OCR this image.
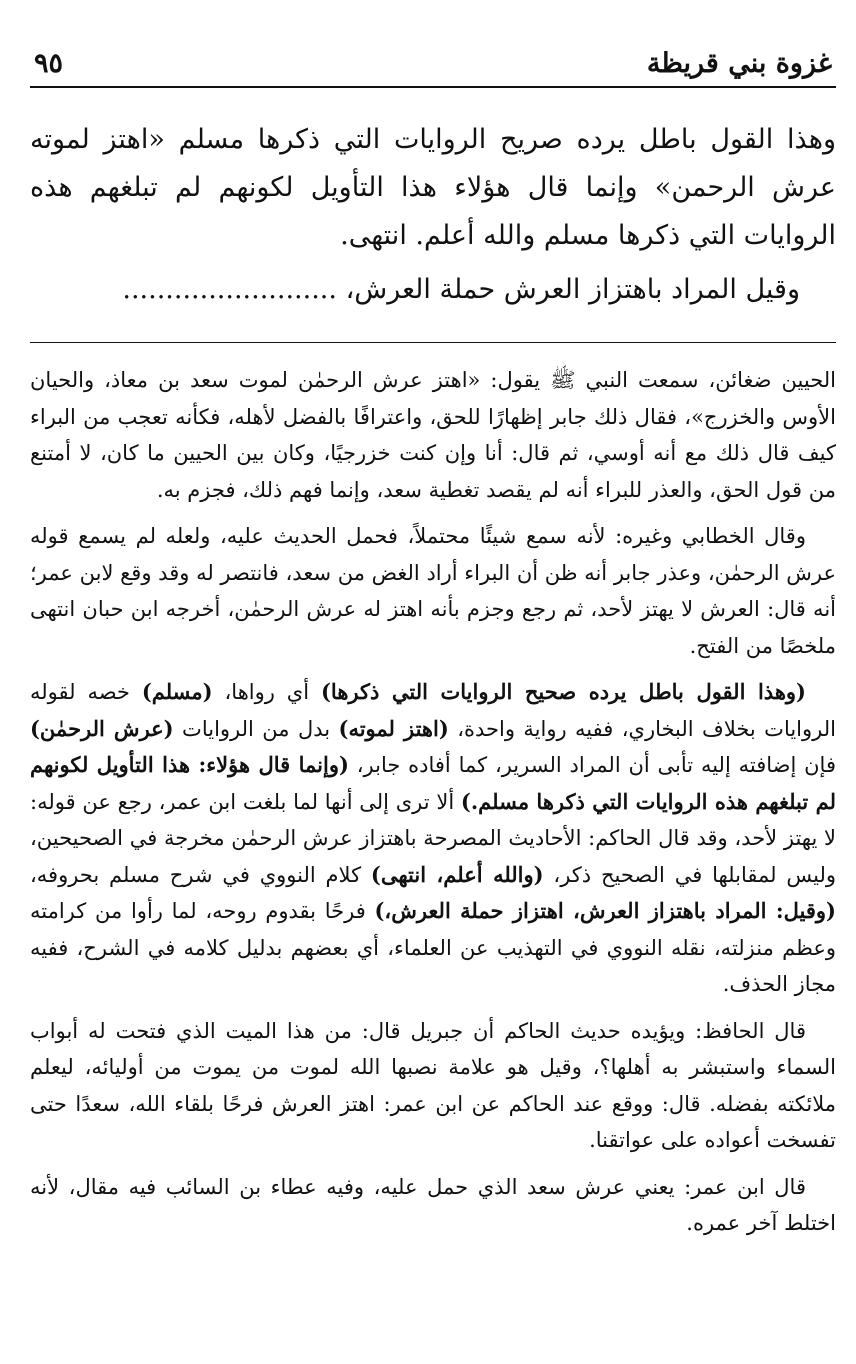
غزوة بني قريظة
٩٥

وهذا القول باطل يرده صريح الروايات التي ذكرها مسلم «اهتز لموته عرش الرحمن» وإنما قال هؤلاء هذا التأويل لكونهم لم تبلغهم هذه الروايات التي ذكرها مسلم والله أعلم. انتهى.

وقيل المراد باهتزاز العرش حملة العرش، .........................

الحيين ضغائن، سمعت النبي ﷺ يقول: «اهتز عرش الرحمٰن لموت سعد بن معاذ، والحيان الأوس والخزرج»، فقال ذلك جابر إظهارًا للحق، واعترافًا بالفضل لأهله، فكأنه تعجب من البراء كيف قال ذلك مع أنه أوسي، ثم قال: أنا وإن كنت خزرجيًا، وكان بين الحيين ما كان، لا أمتنع من قول الحق، والعذر للبراء أنه لم يقصد تغطية سعد، وإنما فهم ذلك، فجزم به.

وقال الخطابي وغيره: لأنه سمع شيئًا محتملاً، فحمل الحديث عليه، ولعله لم يسمع قوله عرش الرحمٰن، وعذر جابر أنه ظن أن البراء أراد الغض من سعد، فانتصر له وقد وقع لابن عمر؛ أنه قال: العرش لا يهتز لأحد، ثم رجع وجزم بأنه اهتز له عرش الرحمٰن، أخرجه ابن حبان انتهى ملخصًا من الفتح.

(وهذا القول باطل يرده صحيح الروايات التي ذكرها) أي رواها، (مسلم) خصه لقوله الروايات بخلاف البخاري، ففيه رواية واحدة، (اهتز لموته) بدل من الروايات (عرش الرحمٰن) فإن إضافته إليه تأبى أن المراد السرير، كما أفاده جابر، (وإنما قال هؤلاء: هذا التأويل لكونهم لم تبلغهم هذه الروايات التي ذكرها مسلم.) ألا ترى إلى أنها لما بلغت ابن عمر، رجع عن قوله: لا يهتز لأحد، وقد قال الحاكم: الأحاديث المصرحة باهتزاز عرش الرحمٰن مخرجة في الصحيحين، وليس لمقابلها في الصحيح ذكر، (والله أعلم، انتهى) كلام النووي في شرح مسلم بحروفه، (وقيل: المراد باهتزاز العرش، اهتزاز حملة العرش،) فرحًا بقدوم روحه، لما رأوا من كرامته وعظم منزلته، نقله النووي في التهذيب عن العلماء، أي بعضهم بدليل كلامه في الشرح، ففيه مجاز الحذف.

قال الحافظ: ويؤيده حديث الحاكم أن جبريل قال: من هذا الميت الذي فتحت له أبواب السماء واستبشر به أهلها؟، وقيل هو علامة نصبها الله لموت من يموت من أوليائه، ليعلم ملائكته بفضله. قال: ووقع عند الحاكم عن ابن عمر: اهتز العرش فرحًا بلقاء الله، سعدًا حتى تفسخت أعواده على عواتقنا.

قال ابن عمر: يعني عرش سعد الذي حمل عليه، وفيه عطاء بن السائب فيه مقال، لأنه اختلط آخر عمره.
